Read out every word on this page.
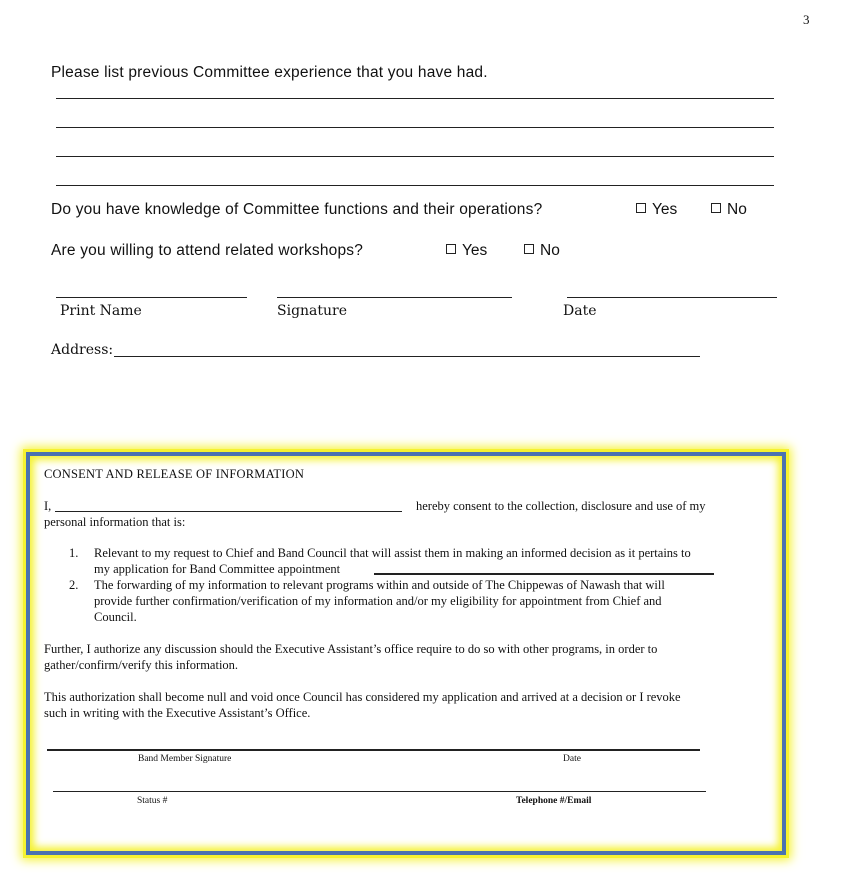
3
Please list previous Committee experience that you have had.
Do you have knowledge of Committee functions and their operations?	Yes	No
Are you willing to attend related workshops?	Yes	No
Print Name	Signature	Date
Address:
CONSENT AND RELEASE OF INFORMATION
I,	hereby consent to the collection, disclosure and use of my
personal information that is:
1. Relevant to my request to Chief and Band Council that will assist them in making an informed decision as it pertains to
my application for Band Committee appointment
2. The forwarding of my information to relevant programs within and outside of The Chippewas of Nawash that will
provide further confirmation/verification of my information and/or my eligibility for appointment from Chief and
Council.
Further, I authorize any discussion should the Executive Assistant’s office require to do so with other programs, in order to
gather/confirm/verify this information.
This authorization shall become null and void once Council has considered my application and arrived at a decision or I revoke
such in writing with the Executive Assistant’s Office.
Band Member Signature	Date
Status #	Telephone #/Email
